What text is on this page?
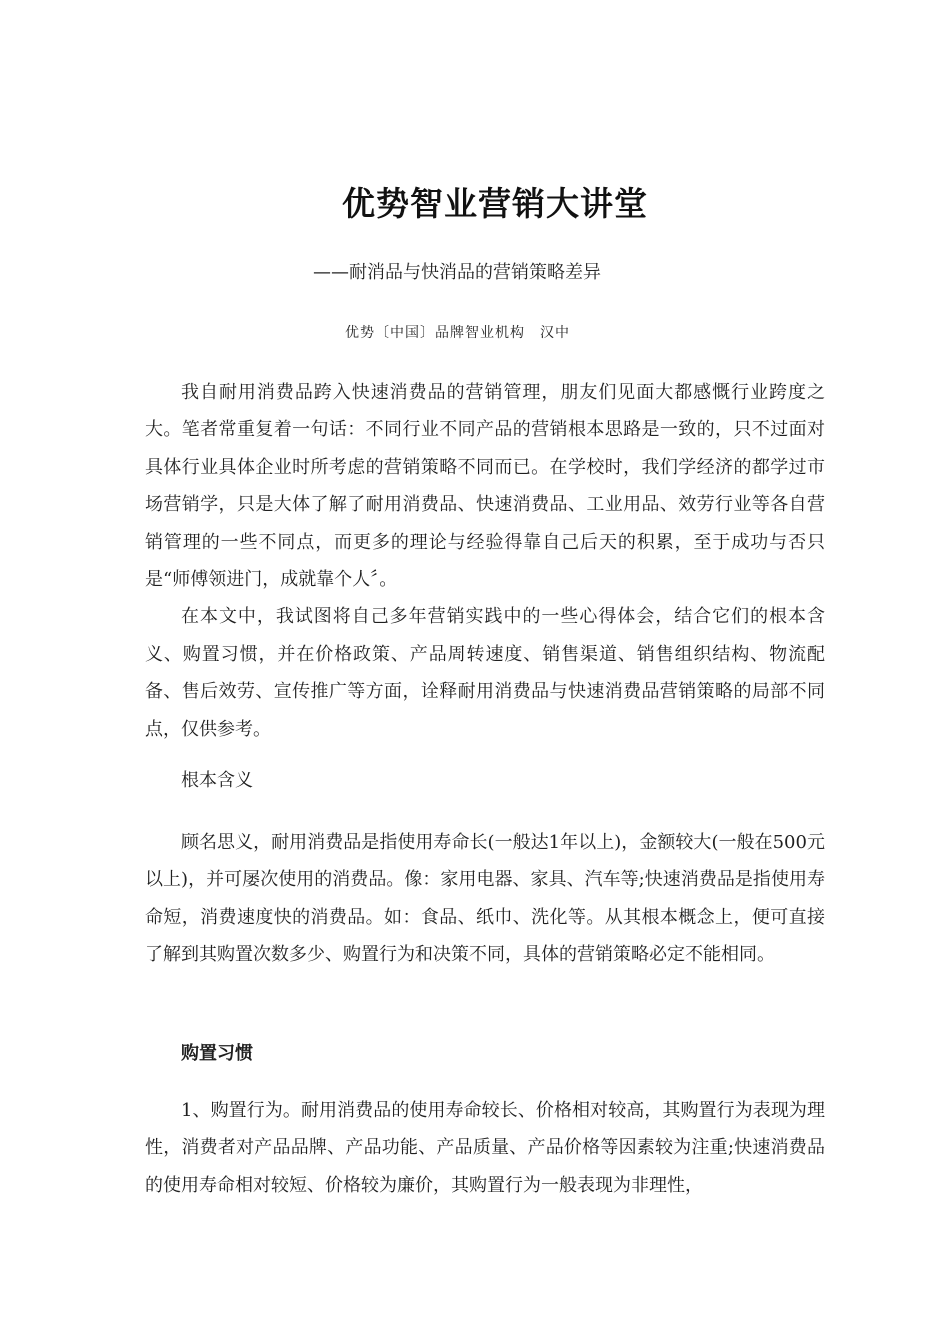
优势智业营销大讲堂
——耐消品与快消品的营销策略差异
优势〔中国〕品牌智业机构　汉中

我自耐用消费品跨入快速消费品的营销管理，朋友们见面大都感慨行业跨度之大。笔者常重复着一句话：不同行业不同产品的营销根本思路是一致的，只不过面对具体行业具体企业时所考虑的营销策略不同而已。在学校时，我们学经济的都学过市场营销学，只是大体了解了耐用消费品、快速消费品、工业用品、效劳行业等各自营销管理的一些不同点，而更多的理论与经验得靠自己后天的积累，至于成功与否只是“师傅领进门，成就靠个人〞。

在本文中，我试图将自己多年营销实践中的一些心得体会，结合它们的根本含义、购置习惯，并在价格政策、产品周转速度、销售渠道、销售组织结构、物流配备、售后效劳、宣传推广等方面，诠释耐用消费品与快速消费品营销策略的局部不同点，仅供参考。

根本含义

顾名思义，耐用消费品是指使用寿命长(一般达1年以上)，金额较大(一般在500元以上)，并可屡次使用的消费品。像：家用电器、家具、汽车等;快速消费品是指使用寿命短，消费速度快的消费品。如：食品、纸巾、洗化等。从其根本概念上，便可直接了解到其购置次数多少、购置行为和决策不同，具体的营销策略必定不能相同。

购置习惯

1、购置行为。耐用消费品的使用寿命较长、价格相对较高，其购置行为表现为理性，消费者对产品品牌、产品功能、产品质量、产品价格等因素较为注重;快速消费品的使用寿命相对较短、价格较为廉价，其购置行为一般表现为非理性，
